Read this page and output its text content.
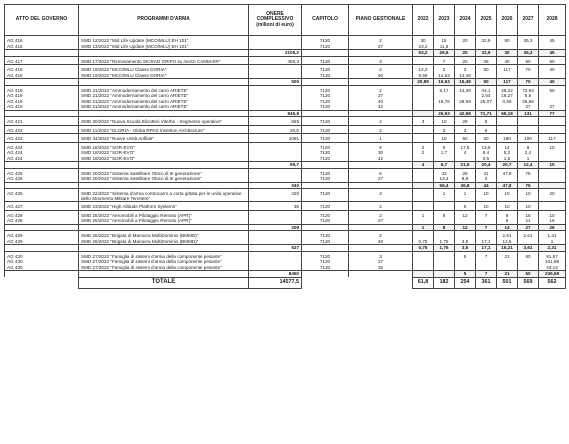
ATTO DEL GOVERNO	PROGRAMMI D'ARMA	ONERE COMPLESSIVO (milioni di euro)	CAPITOLO	PIANO GESTIONALE	2022	2023	2024	2025	2026	2027	2028

AG 416	SMD 12/2022 "Mid Life Update (MCO/MLU) EH 101"		7120	2	30	15	20	32,9	80	36,3	45
AG 416	SMD 13/2022 "Mid Life Update (MCO/MLU) EH 101"		7120	27	23,2	11,6					
		2105,2			53,2	26,6	20	32,9	30	36,3	45

AG 417	SMD 17/2022 "Rinnovamento SICRAD GRIFO su mezzi CAMM-ER"	456,3	7120	3		7	20	28	40	60	60

AG 418	SMD 19/2022 "MCO/MLU Classe DORIA"		7120	2	12,2	2	3	50	117	70	40
AG 418	SMD 19/2022 "MCO/MLU Classe DORIA"		7120	40	8,69	14,63	14,48				
		500			20,89	16,63	15,48	50	117	70	40

AG 419	SMD 21/2022 "Ammodernamento del carro ARIETE"		7120	2		9,17	14,39	44,1	48,22	73,94	50
AG 419	SMD 21/2022 "Ammodernamento del carro ARIETE"		7120	27				2,54	16,27	5,5	
AG 419	SMD 21/2022 "Ammodernamento del carro ARIETE"		7120	40		16,76	28,59	25,07	0,69	25,56	
AG 419	SMD 21/2022 "Ammodernamento del carro ARIETE"		7120	42						27	27
		846,8				25,93	42,98	71,71	65,18	131	77

AG 421	SMD 30/2022 "Nuova Scuola Elicotteri Viterbo - Segmento operativo"	655	7120	2	3	10	29	5			

AG 422	SMD 11/2022 "GLORIA - Globa RPAS Insertion Architecture"	20,5	7120	2		3	3	6			

AG 423	SMD 34/2022 "Nuove Unità Anfibie"	2081	7120	1		10	50	50	180	100	117

AG 424	SMD 18/2022 "SOR-EVO"		7120	6	2	5	17,5	13,5	14	9	10
AG 424	SMD 18/2022 "SOR-EVO"		7120	30	2	1,7	4	8,4	5,2	2,4	
AG 424	SMD 18/2022 "SOR-EVO"		7120	42				0,5	1,5	1	
		95,7			4	6,7	21,5	20,4	20,7	12,4	10

AG 425	SMD 20/2022 "Sistema Satellitare Ottico di III generazione"		7120	6		43	28	41	47,8	75	
AG 425	SMD 20/2022 "Sistema Satellitare Ottico di III generazione"		7120	27		13,4	8,8	3			
		340				56,4	36,8	44	47,8	75	

AG 426	SMD 22/2022 "Sistema d'arma controcarro a corta gittata per le unità operative dello Strumento Militare Terrestre"	420	7120	3		1	1	10	10	10	20

AG 427	SMD 23/2022 "High Altitude Platform Systems"	35	7120	2			5	10	10	10	

AG 428	SMD 25/2022 "Aeromobili a Pilotaggio Remoto (APR)"		7120	2	1	8	12	7	8	16	10
AG 428	SMD 25/2022 "Aeromobili a Pilotaggio Remoto (APR)"		7120	27					6	11	16
		209			1	8	12	7	14	27	26

AG 429	SMD 26/2022 "Brigata di Manovra MultiDominio (BMMD)"		7120	2					2,61	2,61	1,31
AG 429	SMD 26/2022 "Brigata di Manovra MultiDominio (BMMD)"		7120	40	0,75	1,75	3,5	17,1	12,6		1
		527			0,75	1,75	3,5	17,1	15,21	3,61	2,31

AG 430	SMD 27/2022 "Famiglia di sistemi d'arma della componente pesante"		7120	3			5	7	21	60	91,57
AG 430	SMD 27/2022 "Famiglia di sistemi d'arma della componente pesante"		7120	27							101,98
AG 430	SMD 27/2022 "Famiglia di sistemi d'arma della componente pesante"		7120	32							43,13
		8450					5	7	21	60	236,68
	TOTALE	14577,5			61,8	182	254	361	501	569	562
